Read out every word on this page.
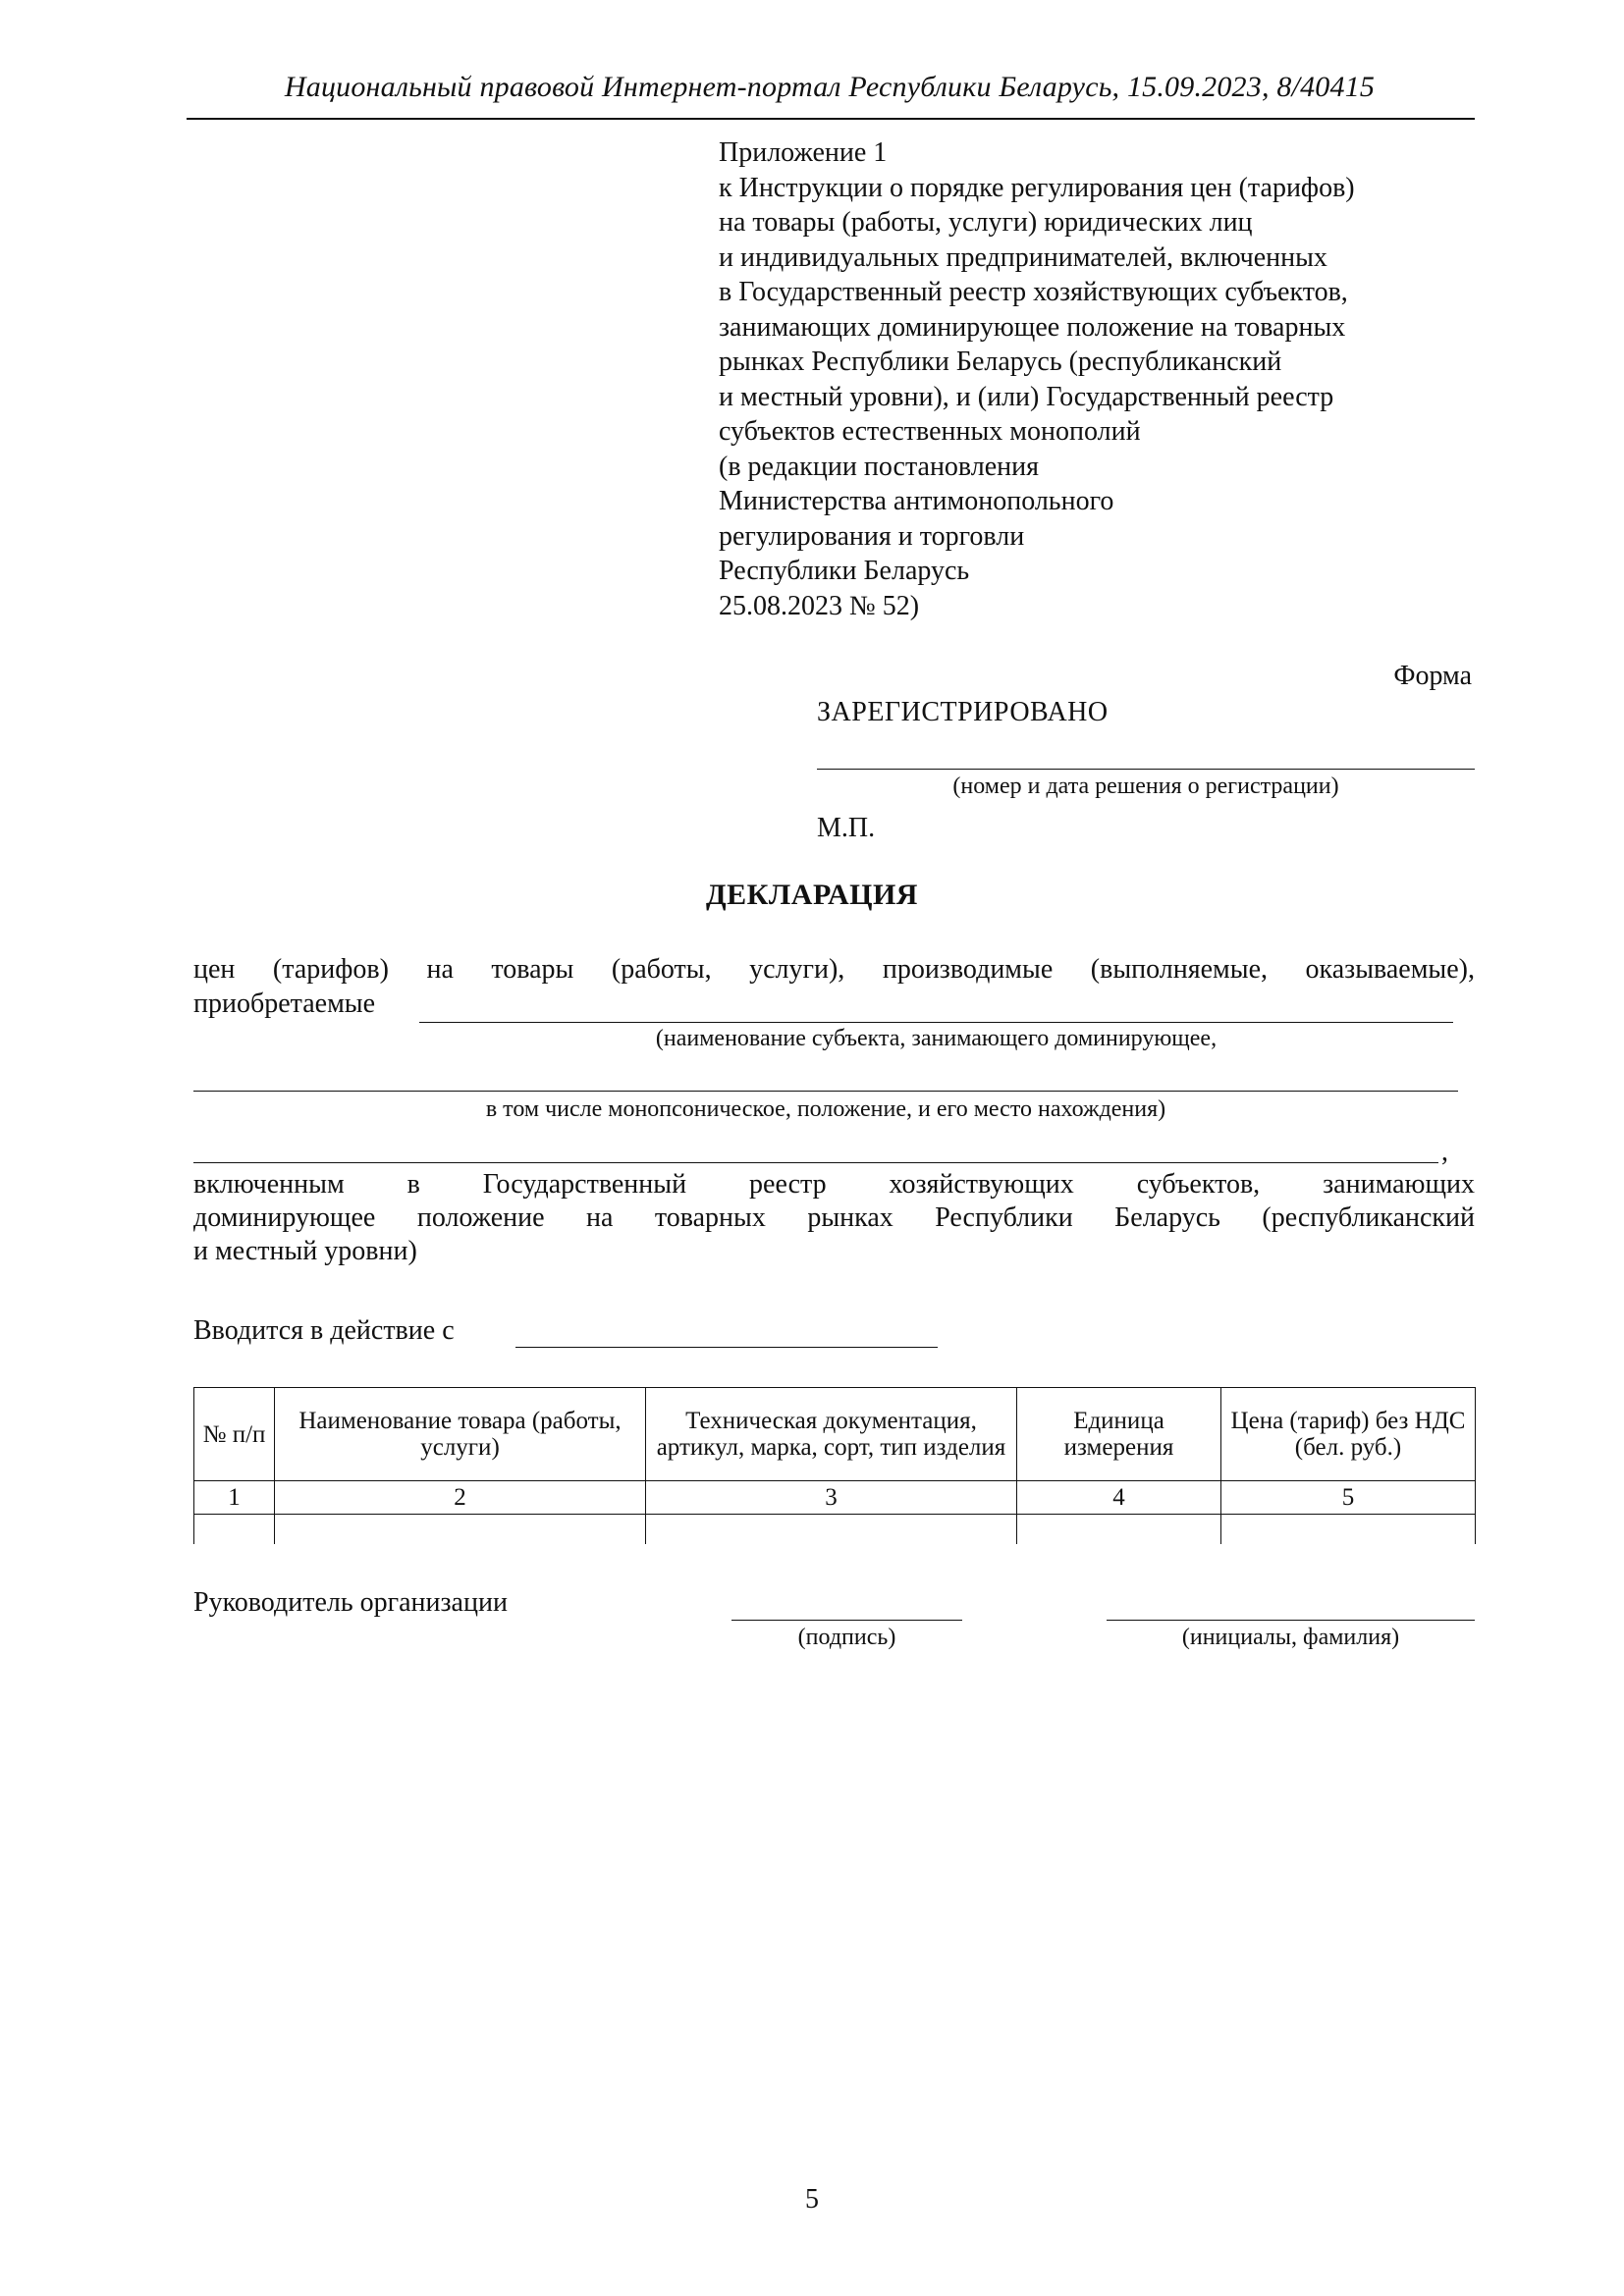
Национальный правовой Интернет-портал Республики Беларусь, 15.09.2023, 8/40415
Приложение 1
к Инструкции о порядке регулирования цен (тарифов)
на товары (работы, услуги) юридических лиц
и индивидуальных предпринимателей, включенных
в Государственный реестр хозяйствующих субъектов,
занимающих доминирующее положение на товарных
рынках Республики Беларусь (республиканский
и местный уровни), и (или) Государственный реестр
субъектов естественных монополий
(в редакции постановления
Министерства антимонопольного
регулирования и торговли
Республики Беларусь
25.08.2023 № 52)
Форма
ЗАРЕГИСТРИРОВАНО
(номер и дата решения о регистрации)
М.П.
ДЕКЛАРАЦИЯ
цен (тарифов) на товары (работы, услуги), производимые (выполняемые, оказываемые),
приобретаемые
(наименование субъекта, занимающего доминирующее,
в том числе монопсоническое, положение, и его место нахождения)
,
включенным в Государственный реестр хозяйствующих субъектов, занимающих
доминирующее положение на товарных рынках Республики Беларусь (республиканский
и местный уровни)
Вводится в действие с
№ п/п	Наименование товара (работы, услуги)	Техническая документация, артикул, марка, сорт, тип изделия	Единица измерения	Цена (тариф) без НДС (бел. руб.)
1	2	3	4	5

Руководитель организации
(подпись)	(инициалы, фамилия)
5
